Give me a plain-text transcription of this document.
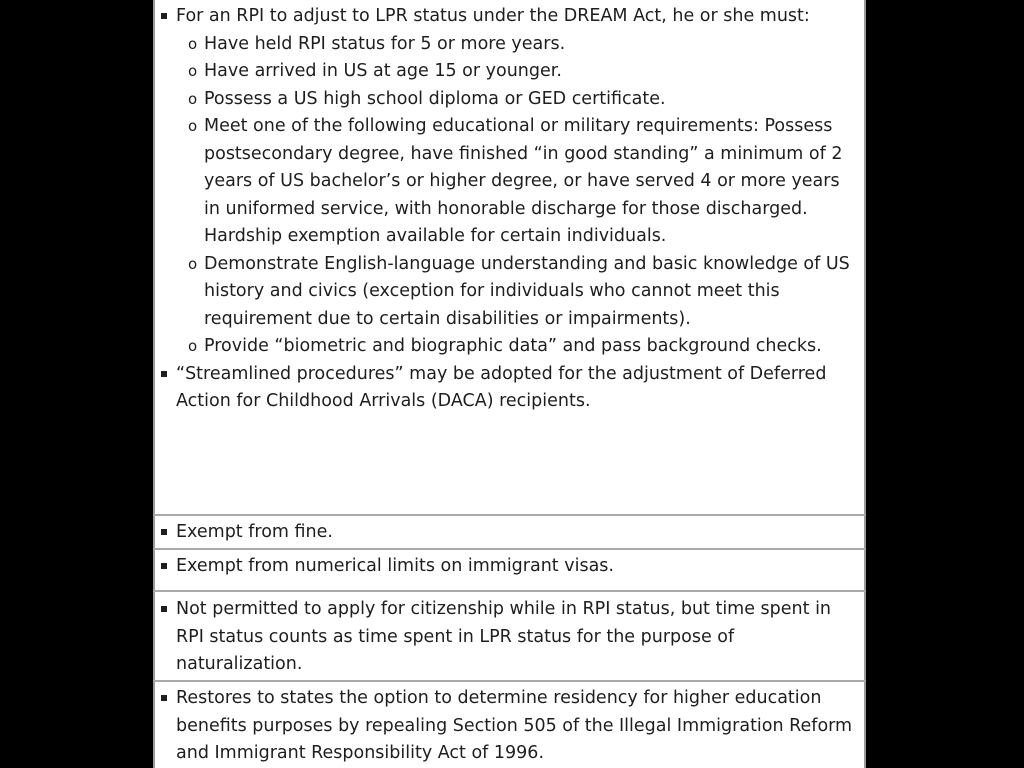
For an RPI to adjust to LPR status under the DREAM Act, he or she must:
o Have held RPI status for 5 or more years.
o Have arrived in US at age 15 or younger.
o Possess a US high school diploma or GED certificate.
o Meet one of the following educational or military requirements: Possess postsecondary degree, have finished “in good standing” a minimum of 2 years of US bachelor’s or higher degree, or have served 4 or more years in uniformed service, with honorable discharge for those discharged. Hardship exemption available for certain individuals.
o Demonstrate English-language understanding and basic knowledge of US history and civics (exception for individuals who cannot meet this requirement due to certain disabilities or impairments).
o Provide “biometric and biographic data” and pass background checks.
“Streamlined procedures” may be adopted for the adjustment of Deferred Action for Childhood Arrivals (DACA) recipients.
Exempt from fine.
Exempt from numerical limits on immigrant visas.
Not permitted to apply for citizenship while in RPI status, but time spent in RPI status counts as time spent in LPR status for the purpose of naturalization.
Restores to states the option to determine residency for higher education benefits purposes by repealing Section 505 of the Illegal Immigration Reform and Immigrant Responsibility Act of 1996.
